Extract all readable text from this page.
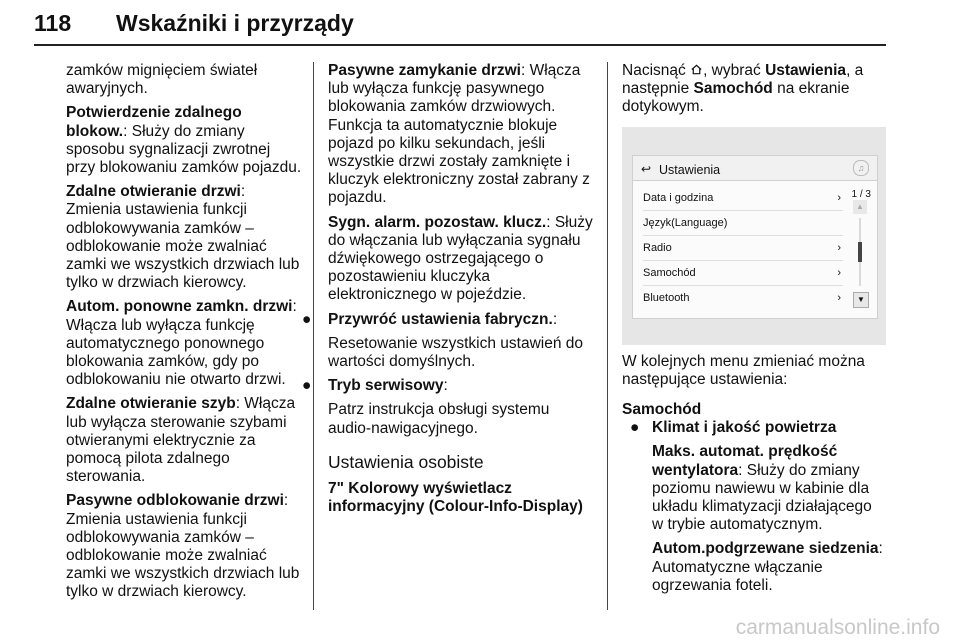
118 Wskaźniki i przyrządy

zamków mignięciem świateł awaryjnych.

Potwierdzenie zdalnego blokow.: Służy do zmiany sposobu sygnalizacji zwrotnej przy blokowaniu zamków pojazdu.

Zdalne otwieranie drzwi: Zmienia ustawienia funkcji odblokowywania zamków – odblokowanie może zwalniać zamki we wszystkich drzwiach lub tylko w drzwiach kierowcy.

Autom. ponowne zamkn. drzwi: Włącza lub wyłącza funkcję automatycznego ponownego blokowania zamków, gdy po odblokowaniu nie otwarto drzwi.

Zdalne otwieranie szyb: Włącza lub wyłącza sterowanie szybami otwieranymi elektrycznie za pomocą pilota zdalnego sterowania.

Pasywne odblokowanie drzwi: Zmienia ustawienia funkcji odblokowywania zamków – odblokowanie może zwalniać zamki we wszystkich drzwiach lub tylko w drzwiach kierowcy.

Pasywne zamykanie drzwi: Włącza lub wyłącza funkcję pasywnego blokowania zamków drzwiowych. Funkcja ta automatycznie blokuje pojazd po kilku sekundach, jeśli wszystkie drzwi zostały zamknięte i kluczyk elektroniczny został zabrany z pojazdu.

Sygn. alarm. pozostaw. klucz.: Służy do włączania lub wyłączania sygnału dźwiękowego ostrzegającego o pozostawieniu kluczyka elektronicznego w pojeździe.

● Przywróć ustawienia fabryczn.:

Resetowanie wszystkich ustawień do wartości domyślnych.

● Tryb serwisowy:

Patrz instrukcja obsługi systemu audio-nawigacyjnego.

Ustawienia osobiste

7" Kolorowy wyświetlacz informacyjny (Colour-Info-Display)

Nacisnąć , wybrać Ustawienia, a następnie Samochód na ekranie dotykowym.

↩ Ustawienia	♫
1 / 3
Data i godzina	›
Język(Language)
Radio	›
Samochód	›
Bluetooth	›
▲
▼

W kolejnych menu zmieniać można następujące ustawienia:

Samochód

● Klimat i jakość powietrza

Maks. automat. prędkość wentylatora: Służy do zmiany poziomu nawiewu w kabinie dla układu klimatyzacji działającego w trybie automatycznym.

Autom.podgrzewane siedzenia: Automatyczne włączanie ogrzewania foteli.

carmanualsonline.info
